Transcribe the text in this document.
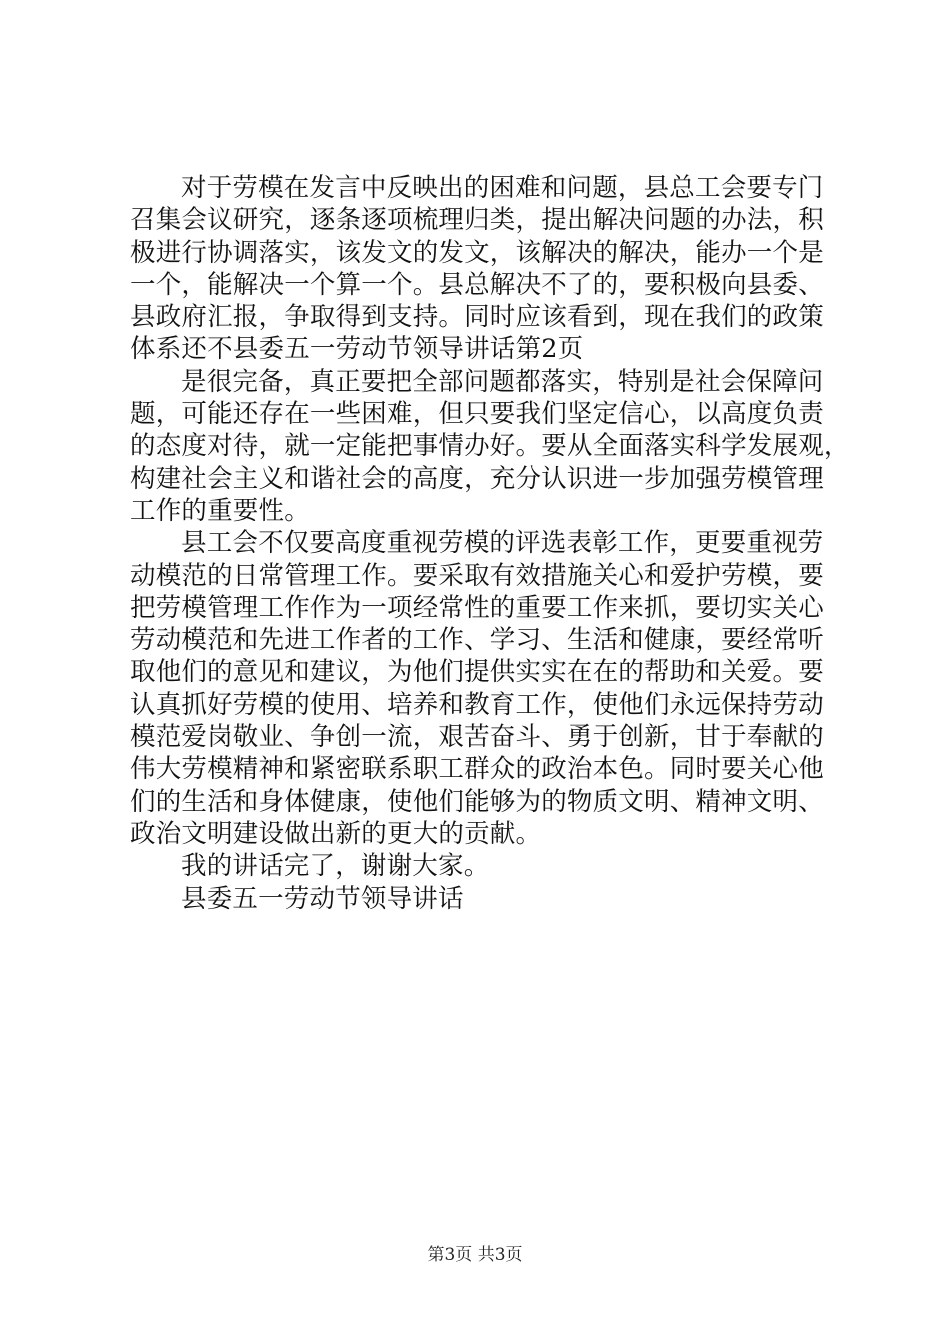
对于劳模在发言中反映出的困难和问题，县总工会要专门
召集会议研究，逐条逐项梳理归类，提出解决问题的办法，积
极进行协调落实，该发文的发文，该解决的解决，能办一个是
一个，能解决一个算一个。县总解决不了的，要积极向县委、
县政府汇报，争取得到支持。同时应该看到，现在我们的政策
体系还不县委五一劳动节领导讲话第2页
是很完备，真正要把全部问题都落实，特别是社会保障问
题，可能还存在一些困难，但只要我们坚定信心，以高度负责
的态度对待，就一定能把事情办好。要从全面落实科学发展观，
构建社会主义和谐社会的高度，充分认识进一步加强劳模管理
工作的重要性。
县工会不仅要高度重视劳模的评选表彰工作，更要重视劳
动模范的日常管理工作。要采取有效措施关心和爱护劳模，要
把劳模管理工作作为一项经常性的重要工作来抓，要切实关心
劳动模范和先进工作者的工作、学习、生活和健康，要经常听
取他们的意见和建议，为他们提供实实在在的帮助和关爱。要
认真抓好劳模的使用、培养和教育工作，使他们永远保持劳动
模范爱岗敬业、争创一流，艰苦奋斗、勇于创新，甘于奉献的
伟大劳模精神和紧密联系职工群众的政治本色。同时要关心他
们的生活和身体健康，使他们能够为的物质文明、精神文明、
政治文明建设做出新的更大的贡献。
我的讲话完了，谢谢大家。
县委五一劳动节领导讲话
第3页 共3页
